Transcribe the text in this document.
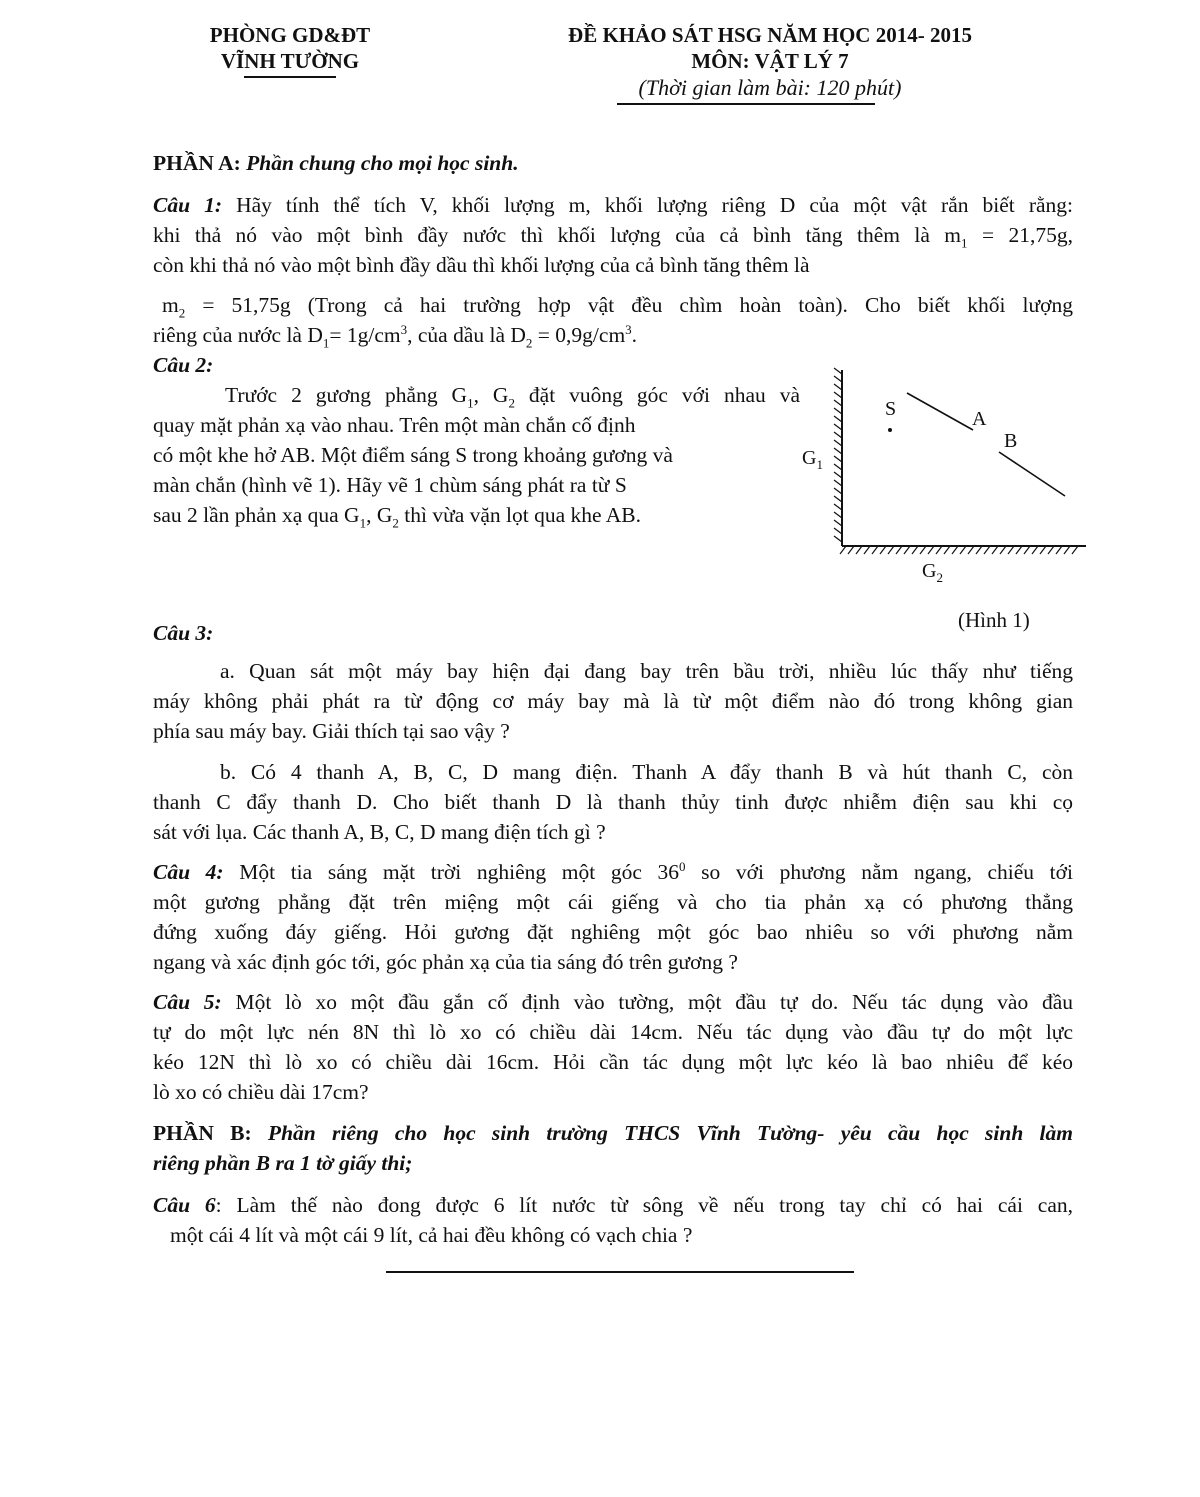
PHÒNG GD&ĐT
VĨNH TƯỜNG
ĐỀ KHẢO SÁT HSG NĂM HỌC 2014- 2015
MÔN: VẬT LÝ 7
(Thời gian làm bài: 120 phút)
PHẦN A: Phần chung cho mọi học sinh.
Câu 1: Hãy tính thể tích V, khối lượng m, khối lượng riêng D của một vật rắn biết rằng:
khi thả nó vào một bình đầy nước thì khối lượng của cả bình tăng thêm là $m_1 = 21,75g$,
còn khi thả nó vào một bình đầy dầu thì khối lượng của cả bình tăng thêm là
$m_2 = 51,75g$ (Trong cả hai trường hợp vật đều chìm hoàn toàn). Cho biết khối lượng
riêng của nước là $D_1= 1g/cm^3$, của dầu là $D_2 = 0,9g/cm^3$.
Câu 2:
Trước 2 gương phẳng $G_1$, $G_2$ đặt vuông góc với nhau và
quay mặt phản xạ vào nhau. Trên một màn chắn cố định
có một khe hở AB. Một điểm sáng S trong khoảng gương và
màn chắn (hình vẽ 1). Hãy vẽ 1 chùm sáng phát ra từ S
sau 2 lần phản xạ qua $G_1$, $G_2$ thì vừa vặn lọt qua khe AB.
S	A
B
$G_1$
$G_2$
(Hình 1)
Câu 3:
a. Quan sát một máy bay hiện đại đang bay trên bầu trời, nhiều lúc thấy như tiếng
máy không phải phát ra từ động cơ máy bay mà là từ một điểm nào đó trong không gian
phía sau máy bay. Giải thích tại sao vậy ?
b. Có 4 thanh A, B, C, D mang điện. Thanh A đẩy thanh B và hút thanh C, còn
thanh C đẩy thanh D. Cho biết thanh D là thanh thủy tinh được nhiễm điện sau khi cọ
sát với lụa. Các thanh A, B, C, D mang điện tích gì ?
Câu 4: Một tia sáng mặt trời nghiêng một góc $36^0$ so với phương nằm ngang, chiếu tới
một gương phẳng đặt trên miệng một cái giếng và cho tia phản xạ có phương thẳng
đứng xuống đáy giếng. Hỏi gương đặt nghiêng một góc bao nhiêu so với phương nằm
ngang và xác định góc tới, góc phản xạ của tia sáng đó trên gương ?
Câu 5: Một lò xo một đầu gắn cố định vào tường, một đầu tự do. Nếu tác dụng vào đầu
tự do một lực nén 8N thì lò xo có chiều dài 14cm. Nếu tác dụng vào đầu tự do một lực
kéo 12N thì lò xo có chiều dài 16cm. Hỏi cần tác dụng một lực kéo là bao nhiêu để kéo
lò xo có chiều dài 17cm?
PHẦN B: Phần riêng cho học sinh trường THCS Vĩnh Tường- yêu cầu học sinh làm
riêng phần B ra 1 tờ giấy thi;
Câu 6: Làm thế nào đong được 6 lít nước từ sông về nếu trong tay chỉ có hai cái can,
một cái 4 lít và một cái 9 lít, cả hai đều không có vạch chia ?
